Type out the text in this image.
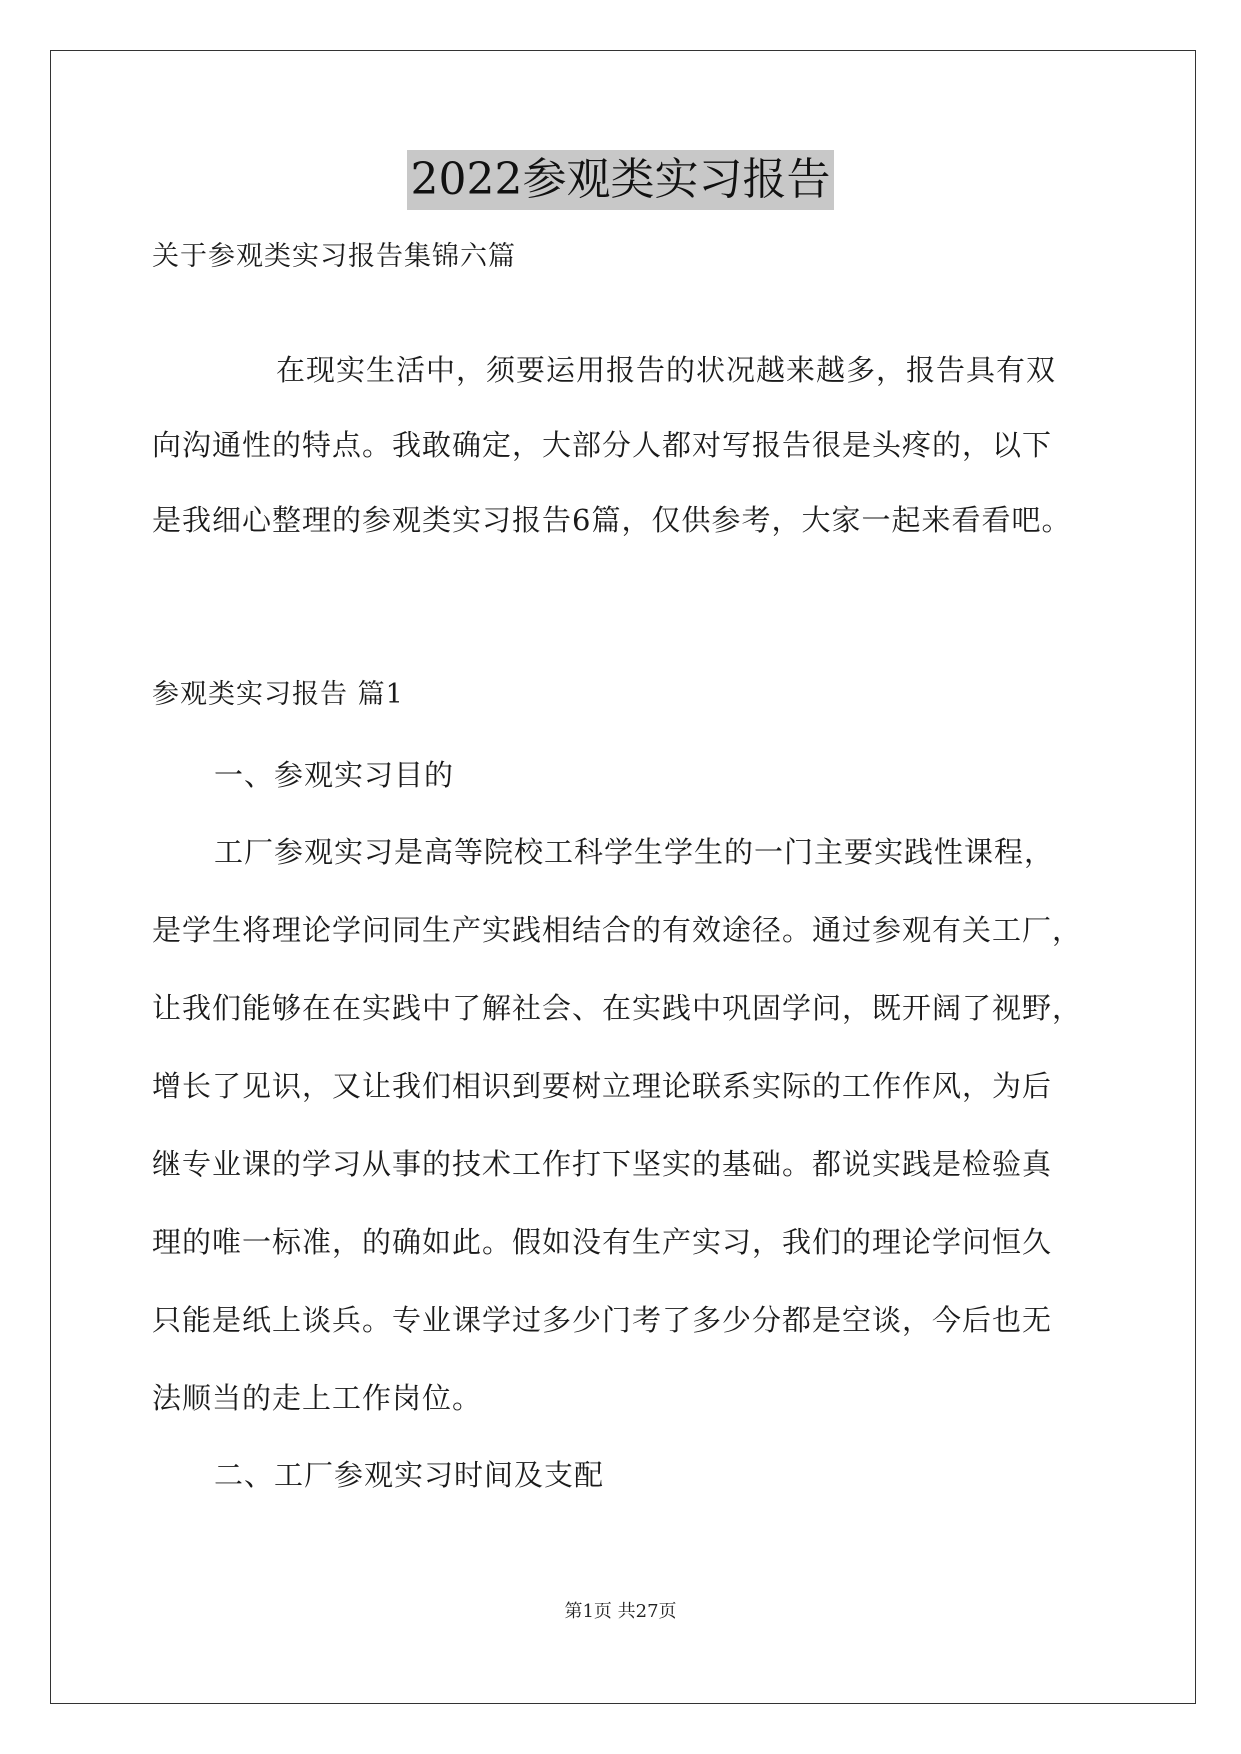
2022参观类实习报告
关于参观类实习报告集锦六篇
在现实生活中，须要运用报告的状况越来越多，报告具有双
向沟通性的特点。我敢确定，大部分人都对写报告很是头疼的，以下
是我细心整理的参观类实习报告6篇，仅供参考，大家一起来看看吧。
参观类实习报告 篇1
一、参观实习目的
工厂参观实习是高等院校工科学生学生的一门主要实践性课程，
是学生将理论学问同生产实践相结合的有效途径。通过参观有关工厂，
让我们能够在在实践中了解社会、在实践中巩固学问，既开阔了视野，
增长了见识，又让我们相识到要树立理论联系实际的工作作风，为后
继专业课的学习从事的技术工作打下坚实的基础。都说实践是检验真
理的唯一标准，的确如此。假如没有生产实习，我们的理论学问恒久
只能是纸上谈兵。专业课学过多少门考了多少分都是空谈，今后也无
法顺当的走上工作岗位。
二、工厂参观实习时间及支配
第1页 共27页
